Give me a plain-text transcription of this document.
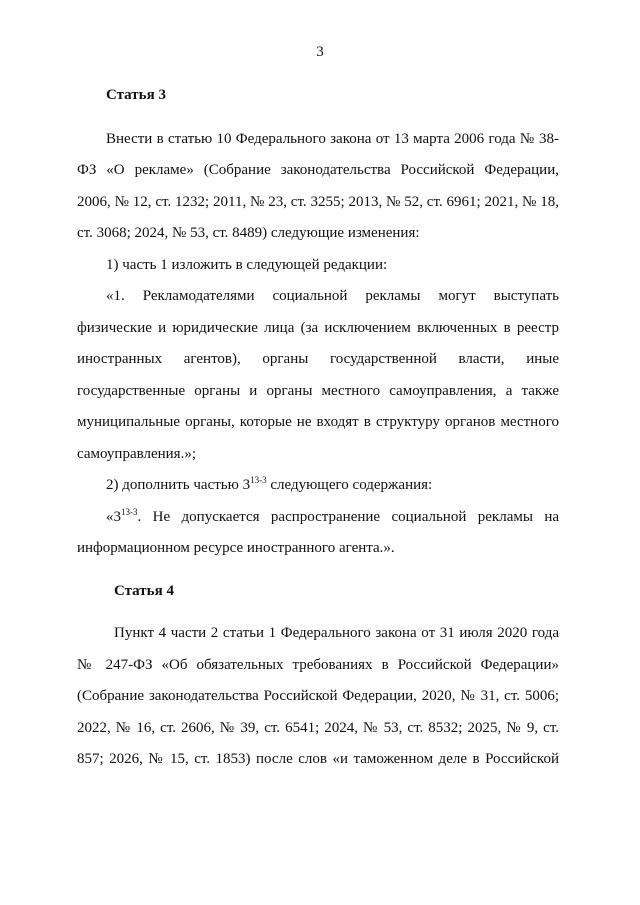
3
Статья 3

Внести в статью 10 Федерального закона от 13 марта 2006 года № 38-ФЗ «О рекламе» (Собрание законодательства Российской Федерации, 2006, № 12, ст. 1232; 2011, № 23, ст. 3255; 2013, № 52, ст. 6961; 2021, № 18, ст. 3068; 2024, № 53, ст. 8489) следующие изменения:

1) часть 1 изложить в следующей редакции:

«1. Рекламодателями социальной рекламы могут выступать физические и юридические лица (за исключением включенных в реестр иностранных агентов), органы государственной власти, иные государственные органы и органы местного самоуправления, а также муниципальные органы, которые не входят в структуру органов местного самоуправления.»;

2) дополнить частью 3$^{13-3}$ следующего содержания:

«3$^{13-3}$. Не допускается распространение социальной рекламы на информационном ресурсе иностранного агента.».

Статья 4

Пункт 4 части 2 статьи 1 Федерального закона от 31 июля 2020 года № 247-ФЗ «Об обязательных требованиях в Российской Федерации» (Собрание законодательства Российской Федерации, 2020, № 31, ст. 5006; 2022, № 16, ст. 2606, № 39, ст. 6541; 2024, № 53, ст. 8532; 2025, № 9, ст. 857; 2026, № 15, ст. 1853) после слов «и таможенном деле в Российской
